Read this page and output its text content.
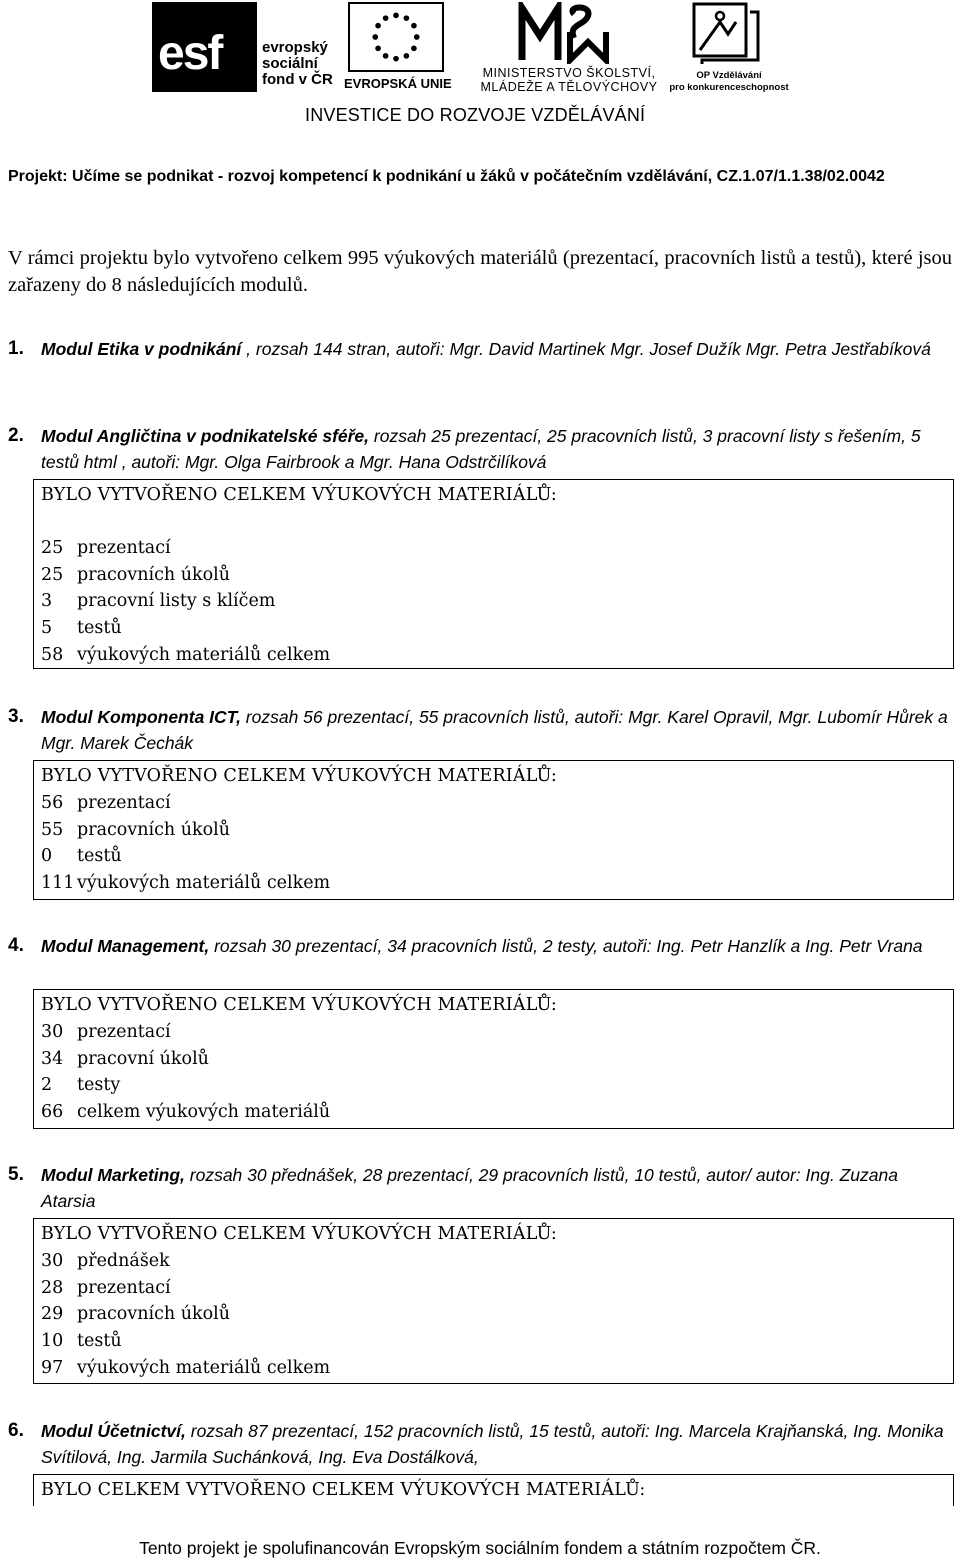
esf	evropský
sociální
fond v ČR EVROPSKÁ UNIE
MINISTERSTVO ŠKOLSTVÍ,
MLÁDEŽE A TĚLOVÝCHOVY
OP Vzdělávání
pro konkurenceschopnost
INVESTICE DO ROZVOJE VZDĚLÁVÁNÍ
Projekt: Učíme se podnikat - rozvoj kompetencí k podnikání u žáků v počátečním vzdělávání, CZ.1.07/1.1.38/02.0042
V rámci projektu bylo vytvořeno celkem 995 výukových materiálů (prezentací, pracovních listů a testů), které jsou zařazeny do 8 následujících modulů.
1. Modul Etika v podnikání , rozsah 144 stran, autoři: Mgr. David Martinek Mgr. Josef Dužík Mgr. Petra Jestřabíková
2. Modul Angličtina v podnikatelské sféře, rozsah 25 prezentací, 25 pracovních listů, 3 pracovní listy s řešením, 5 testů html , autoři: Mgr. Olga Fairbrook a Mgr. Hana Odstrčilíková
BYLO VYTVOŘENO CELKEM VÝUKOVÝCH MATERIÁLŮ:
25 prezentací
25 pracovních úkolů
3	pracovní listy s klíčem
5	testů
58 výukových materiálů celkem
3. Modul Komponenta ICT, rozsah 56 prezentací, 55 pracovních listů, autoři: Mgr. Karel Opravil, Mgr. Lubomír Hůrek a Mgr. Marek Čechák
BYLO VYTVOŘENO CELKEM VÝUKOVÝCH MATERIÁLŮ:
56 prezentací
55 pracovních úkolů
0	testů
111 výukových materiálů celkem
4. Modul Management, rozsah 30 prezentací, 34 pracovních listů, 2 testy, autoři: Ing. Petr Hanzlík a Ing. Petr Vrana
BYLO VYTVOŘENO CELKEM VÝUKOVÝCH MATERIÁLŮ:
30 prezentací
34 pracovní úkolů
2	testy
66 celkem výukových materiálů
5. Modul Marketing, rozsah 30 přednášek, 28 prezentací, 29 pracovních listů, 10 testů, autor/ autor: Ing. Zuzana Atarsia
BYLO VYTVOŘENO CELKEM VÝUKOVÝCH MATERIÁLŮ:
30 přednášek
28 prezentací
29 pracovních úkolů
10 testů
97 výukových materiálů celkem
6. Modul Účetnictví, rozsah 87 prezentací, 152 pracovních listů, 15 testů, autoři: Ing. Marcela Krajňanská, Ing. Monika Svítilová, Ing. Jarmila Suchánková, Ing. Eva Dostálková,
BYLO CELKEM VYTVOŘENO CELKEM VÝUKOVÝCH MATERIÁLŮ:
Tento projekt je spolufinancován Evropským sociálním fondem a státním rozpočtem ČR.
